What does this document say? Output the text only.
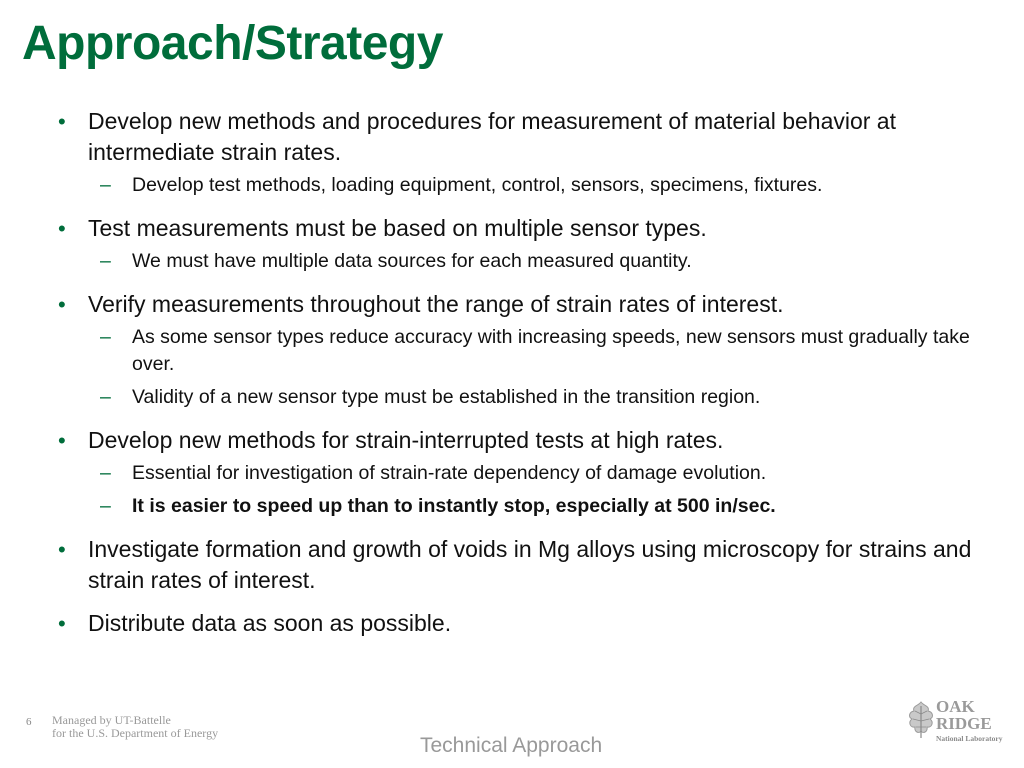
Approach/Strategy
• Develop new methods and procedures for measurement of material behavior at intermediate strain rates.
– Develop test methods, loading equipment, control, sensors, specimens, fixtures.
• Test measurements must be based on multiple sensor types.
– We must have multiple data sources for each measured quantity.
• Verify measurements throughout the range of strain rates of interest.
– As some sensor types reduce accuracy with increasing speeds, new sensors must gradually take over.
– Validity of a new sensor type must be established in the transition region.
• Develop new methods for strain-interrupted tests at high rates.
– Essential for investigation of strain-rate dependency of damage evolution.
– It is easier to speed up than to instantly stop, especially at 500 in/sec.
• Investigate formation and growth of voids in Mg alloys using microscopy for strains and strain rates of interest.
• Distribute data as soon as possible.
6 Managed by UT-Battelle
for the U.S. Department of Energy
Technical Approach
OAK
RIDGE
National Laboratory
